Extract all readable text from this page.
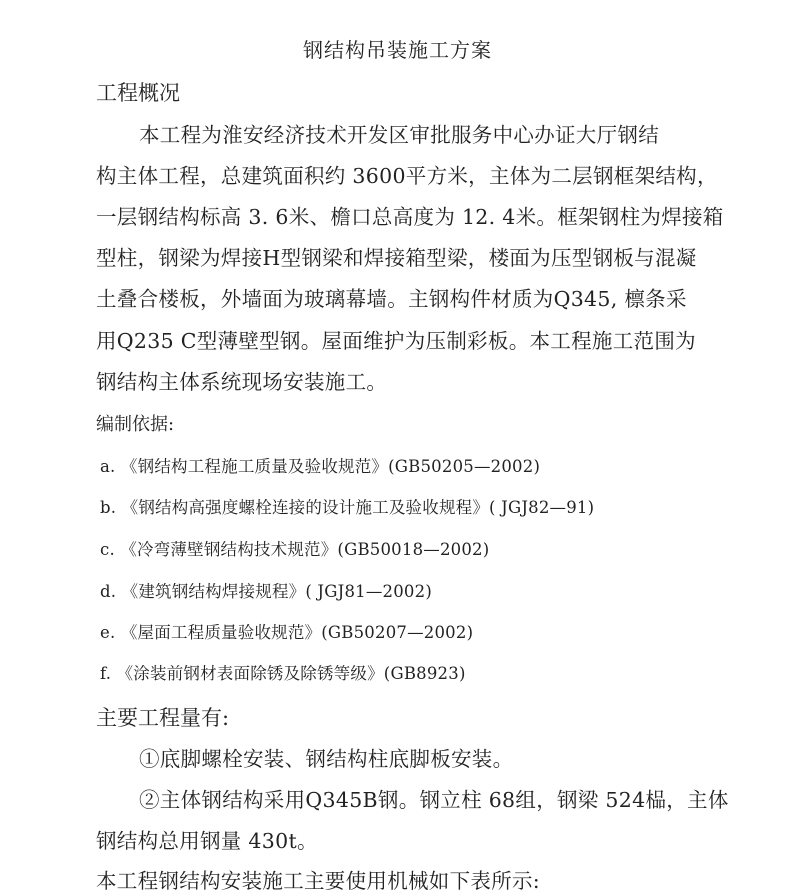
钢结构吊装施工方案
工程概况
本工程为淮安经济技术开发区审批服务中心办证大厅钢结
构主体工程，总建筑面积约 3600平方米，主体为二层钢框架结构，
一层钢结构标高 3. 6米、檐口总高度为 12. 4米。框架钢柱为焊接箱
型柱，钢梁为焊接H型钢梁和焊接箱型梁，楼面为压型钢板与混凝
土叠合楼板，外墙面为玻璃幕墙。主钢构件材质为Q345, 檩条采
用Q235 C型薄壁型钢。屋面维护为压制彩板。本工程施工范围为
钢结构主体系统现场安装施工。
编制依据:
a. 《钢结构工程施工质量及验收规范》(GB50205—2002)
b. 《钢结构高强度螺栓连接的设计施工及验收规程》( JGJ82—91)
c. 《冷弯薄壁钢结构技术规范》(GB50018—2002)
d. 《建筑钢结构焊接规程》( JGJ81—2002)
e. 《屋面工程质量验收规范》(GB50207—2002)
f. 《涂装前钢材表面除锈及除锈等级》(GB8923)
主要工程量有:
①底脚螺栓安装、钢结构柱底脚板安装。
②主体钢结构采用Q345B钢。钢立柱 68组，钢梁 524榀，主体
钢结构总用钢量 430t。
本工程钢结构安装施工主要使用机械如下表所示:
